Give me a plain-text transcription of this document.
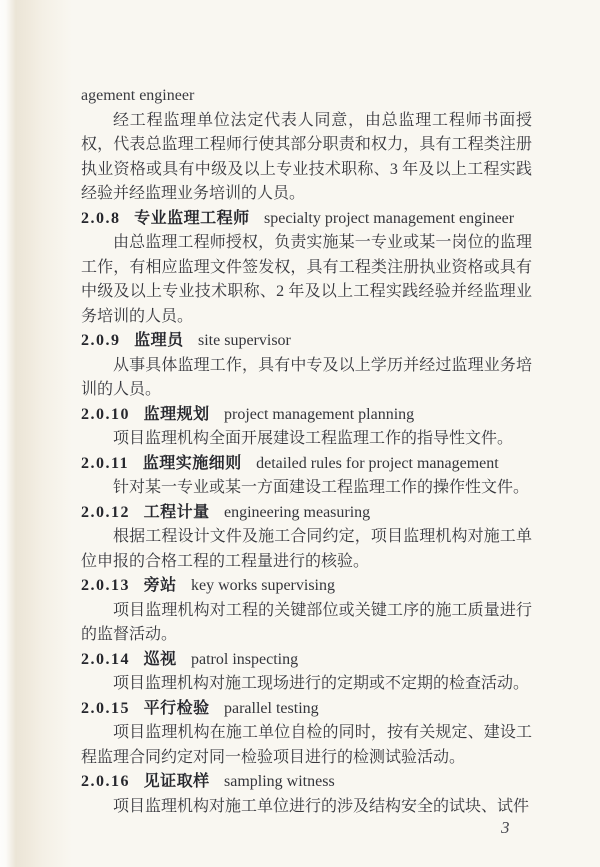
agement engineer

经工程监理单位法定代表人同意，由总监理工程师书面授权，代表总监理工程师行使其部分职责和权力，具有工程类注册执业资格或具有中级及以上专业技术职称、3 年及以上工程实践经验并经监理业务培训的人员。

2.0.8 专业监理工程师 specialty project management engineer

由总监理工程师授权，负责实施某一专业或某一岗位的监理工作，有相应监理文件签发权，具有工程类注册执业资格或具有中级及以上专业技术职称、2 年及以上工程实践经验并经监理业务培训的人员。

2.0.9 监理员 site supervisor

从事具体监理工作，具有中专及以上学历并经过监理业务培训的人员。

2.0.10 监理规划 project management planning

项目监理机构全面开展建设工程监理工作的指导性文件。

2.0.11 监理实施细则 detailed rules for project management

针对某一专业或某一方面建设工程监理工作的操作性文件。

2.0.12 工程计量 engineering measuring

根据工程设计文件及施工合同约定，项目监理机构对施工单位申报的合格工程的工程量进行的核验。

2.0.13 旁站 key works supervising

项目监理机构对工程的关键部位或关键工序的施工质量进行的监督活动。

2.0.14 巡视 patrol inspecting

项目监理机构对施工现场进行的定期或不定期的检查活动。

2.0.15 平行检验 parallel testing

项目监理机构在施工单位自检的同时，按有关规定、建设工程监理合同约定对同一检验项目进行的检测试验活动。

2.0.16 见证取样 sampling witness

项目监理机构对施工单位进行的涉及结构安全的试块、试件

3
